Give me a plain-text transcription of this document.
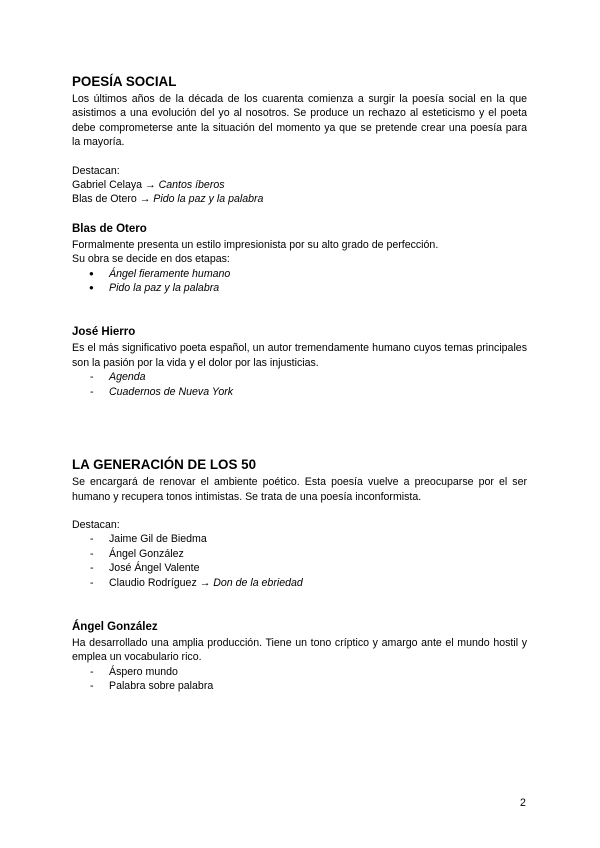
POESÍA SOCIAL

Los últimos años de la década de los cuarenta comienza a surgir la poesía social en la que asistimos a una evolución del yo al nosotros. Se produce un rechazo al esteticismo y el poeta debe comprometerse ante la situación del momento ya que se pretende crear una poesía para la mayoría.

Destacan:
Gabriel Celaya → Cantos íberos
Blas de Otero → Pido la paz y la palabra
Blas de Otero
Formalmente presenta un estilo impresionista por su alto grado de perfección.
Su obra se decide en dos etapas:
● Ángel fieramente humano
● Pido la paz y la palabra
José Hierro

Es el más significativo poeta español, un autor tremendamente humano cuyos temas principales son la pasión por la vida y el dolor por las injusticias.

- Agenda
- Cuadernos de Nueva York
LA GENERACIÓN DE LOS 50

Se encargará de renovar el ambiente poético. Esta poesía vuelve a preocuparse por el ser humano y recupera tonos intimistas. Se trata de una poesía inconformista.

Destacan:
- Jaime Gil de Biedma
- Ángel González
- José Ángel Valente
- Claudio Rodríguez → Don de la ebriedad
Ángel González

Ha desarrollado una amplia producción. Tiene un tono críptico y amargo ante el mundo hostil y emplea un vocabulario rico.

- Áspero mundo
- Palabra sobre palabra
2
